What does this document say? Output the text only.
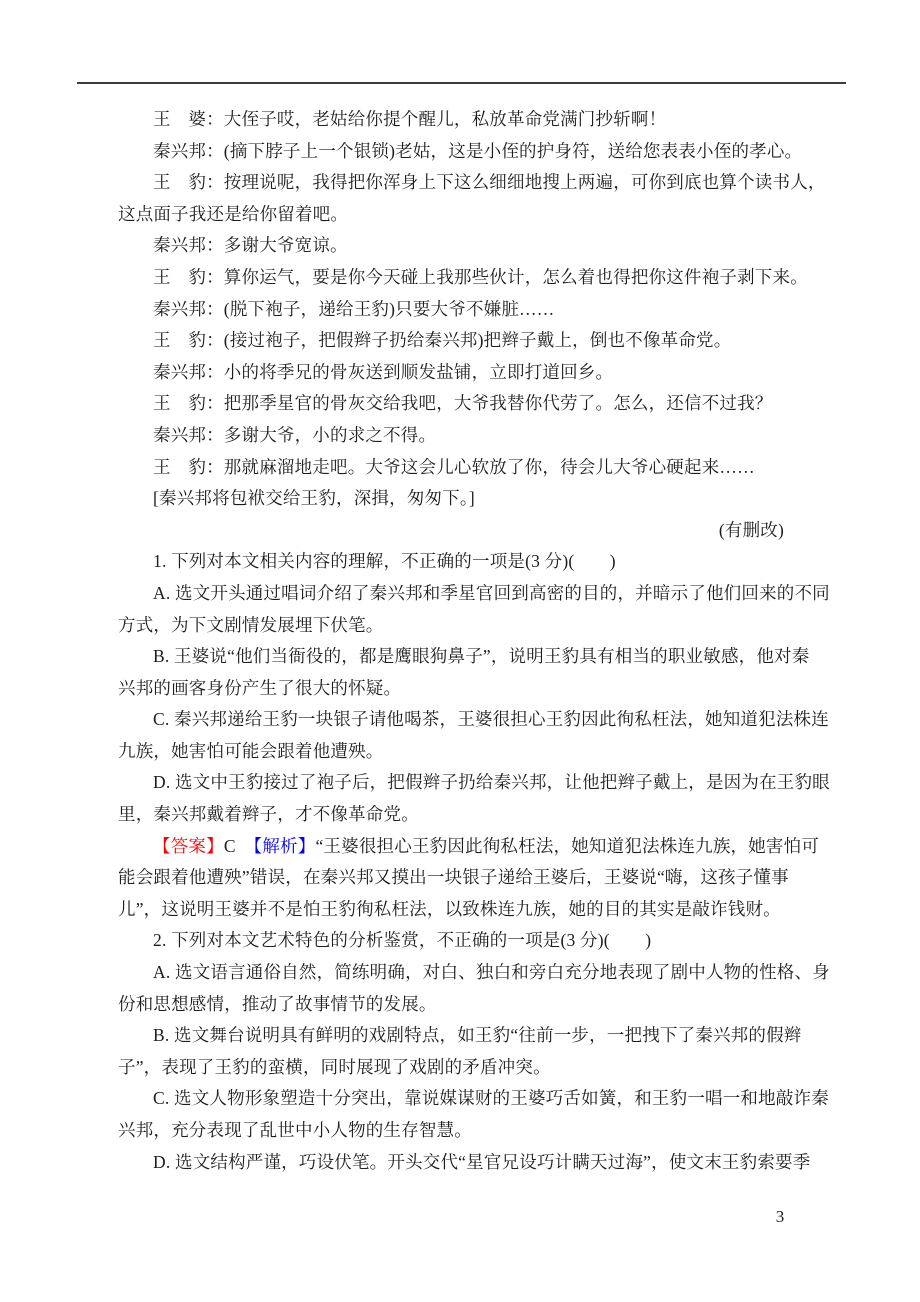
王　婆：大侄子哎，老姑给你提个醒儿，私放革命党满门抄斩啊！
秦兴邦：(摘下脖子上一个银锁)老姑，这是小侄的护身符，送给您表表小侄的孝心。
王　豹：按理说呢，我得把你浑身上下这么细细地搜上两遍，可你到底也算个读书人，
这点面子我还是给你留着吧。
秦兴邦：多谢大爷宽谅。
王　豹：算你运气，要是你今天碰上我那些伙计，怎么着也得把你这件袍子剥下来。
秦兴邦：(脱下袍子，递给王豹)只要大爷不嫌脏……
王　豹：(接过袍子，把假辫子扔给秦兴邦)把辫子戴上，倒也不像革命党。
秦兴邦：小的将季兄的骨灰送到顺发盐铺，立即打道回乡。
王　豹：把那季星官的骨灰交给我吧，大爷我替你代劳了。怎么，还信不过我？
秦兴邦：多谢大爷，小的求之不得。
王　豹：那就麻溜地走吧。大爷这会儿心软放了你，待会儿大爷心硬起来……
[秦兴邦将包袱交给王豹，深揖，匆匆下。]
(有删改)
1. 下列对本文相关内容的理解，不正确的一项是(3 分)(　　)
A. 选文开头通过唱词介绍了秦兴邦和季星官回到高密的目的，并暗示了他们回来的不同
方式，为下文剧情发展埋下伏笔。
B. 王婆说“他们当衙役的，都是鹰眼狗鼻子”，说明王豹具有相当的职业敏感，他对秦
兴邦的画客身份产生了很大的怀疑。
C. 秦兴邦递给王豹一块银子请他喝茶，王婆很担心王豹因此徇私枉法，她知道犯法株连
九族，她害怕可能会跟着他遭殃。
D. 选文中王豹接过了袍子后，把假辫子扔给秦兴邦，让他把辫子戴上，是因为在王豹眼
里，秦兴邦戴着辫子，才不像革命党。
【答案】C　 【解析】“王婆很担心王豹因此徇私枉法，她知道犯法株连九族，她害怕可
能会跟着他遭殃”错误，在秦兴邦又摸出一块银子递给王婆后，王婆说“嗨，这孩子懂事
儿”，这说明王婆并不是怕王豹徇私枉法，以致株连九族，她的目的其实是敲诈钱财。
2. 下列对本文艺术特色的分析鉴赏，不正确的一项是(3 分)(　　)
A. 选文语言通俗自然，简练明确，对白、独白和旁白充分地表现了剧中人物的性格、身
份和思想感情，推动了故事情节的发展。
B. 选文舞台说明具有鲜明的戏剧特点，如王豹“往前一步，一把拽下了秦兴邦的假辫
子”，表现了王豹的蛮横，同时展现了戏剧的矛盾冲突。
C. 选文人物形象塑造十分突出，靠说媒谋财的王婆巧舌如簧，和王豹一唱一和地敲诈秦
兴邦，充分表现了乱世中小人物的生存智慧。
D. 选文结构严谨，巧设伏笔。开头交代“星官兄设巧计瞒天过海”，使文末王豹索要季
3
